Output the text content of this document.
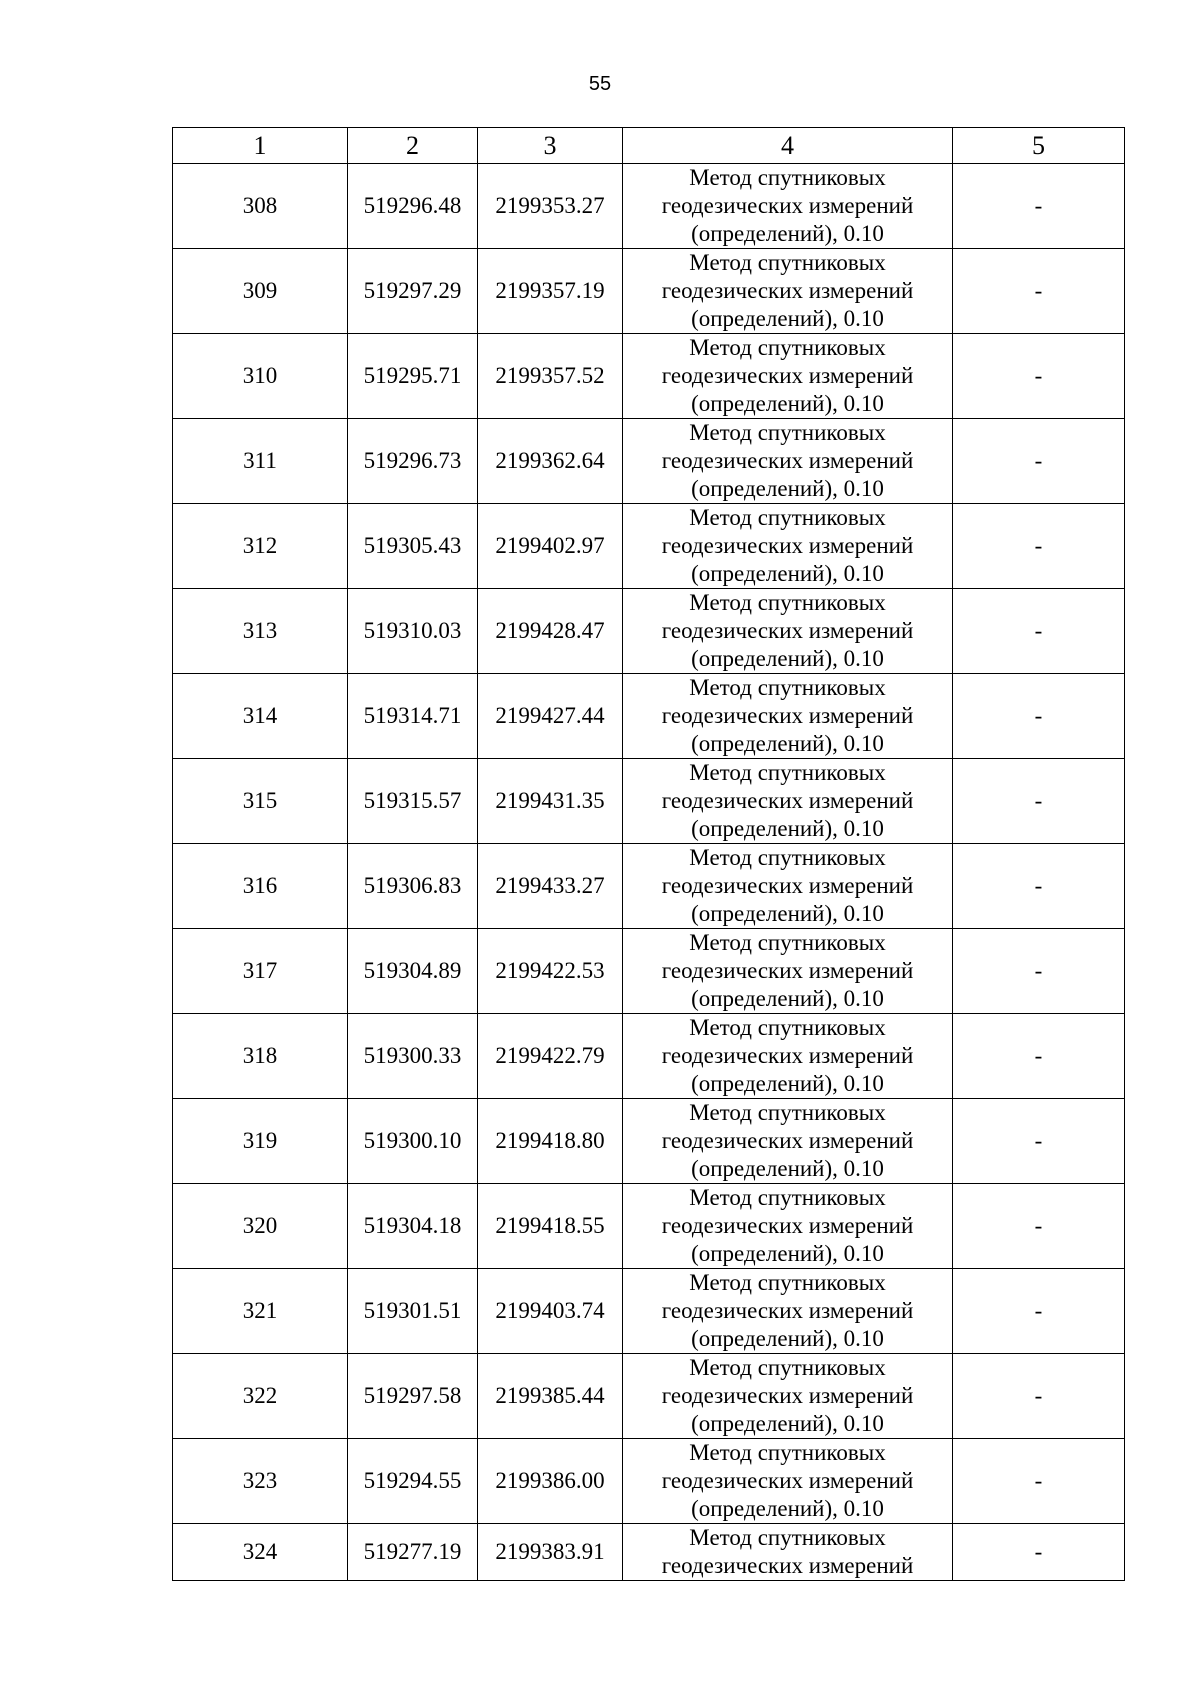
55
1	2	3	4	5
308	519296.48	2199353.27	Метод спутниковых
геодезических измерений
(определений), 0.10	-
309	519297.29	2199357.19	Метод спутниковых
геодезических измерений
(определений), 0.10	-
310	519295.71	2199357.52	Метод спутниковых
геодезических измерений
(определений), 0.10	-
311	519296.73	2199362.64	Метод спутниковых
геодезических измерений
(определений), 0.10	-
312	519305.43	2199402.97	Метод спутниковых
геодезических измерений
(определений), 0.10	-
313	519310.03	2199428.47	Метод спутниковых
геодезических измерений
(определений), 0.10	-
314	519314.71	2199427.44	Метод спутниковых
геодезических измерений
(определений), 0.10	-
315	519315.57	2199431.35	Метод спутниковых
геодезических измерений
(определений), 0.10	-
316	519306.83	2199433.27	Метод спутниковых
геодезических измерений
(определений), 0.10	-
317	519304.89	2199422.53	Метод спутниковых
геодезических измерений
(определений), 0.10	-
318	519300.33	2199422.79	Метод спутниковых
геодезических измерений
(определений), 0.10	-
319	519300.10	2199418.80	Метод спутниковых
геодезических измерений
(определений), 0.10	-
320	519304.18	2199418.55	Метод спутниковых
геодезических измерений
(определений), 0.10	-
321	519301.51	2199403.74	Метод спутниковых
геодезических измерений
(определений), 0.10	-
322	519297.58	2199385.44	Метод спутниковых
геодезических измерений
(определений), 0.10	-
323	519294.55	2199386.00	Метод спутниковых
геодезических измерений
(определений), 0.10	-
324	519277.19	2199383.91	Метод спутниковых
геодезических измерений	-
